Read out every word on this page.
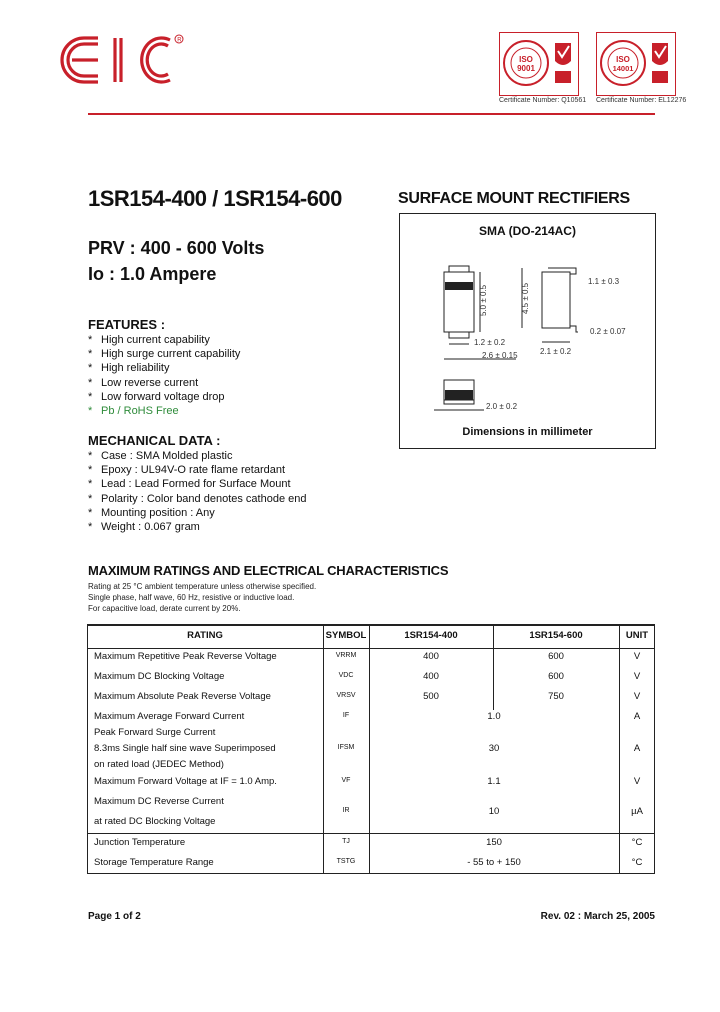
R
ISO
9001
Certificate Number: Q10561
ISO
14001
Certificate Number: EL12276
1SR154-400 / 1SR154-600
PRV : 400 - 600 Volts
Io : 1.0 Ampere
SURFACE MOUNT RECTIFIERS
SMA (DO-214AC)
5.0 ± 0.5	4.5 ± 0.5
1.2 ± 0.2
2.6 ± 0.15	2.1 ± 0.2
1.1 ± 0.3
0.2 ± 0.07
2.0 ± 0.2
Dimensions in millimeter
FEATURES :
* High current capability
* High surge current capability
* High reliability
* Low reverse current
* Low forward voltage drop
* Pb / RoHS Free
MECHANICAL DATA :
* Case : SMA Molded plastic
* Epoxy : UL94V-O rate flame retardant
* Lead : Lead Formed for Surface Mount
* Polarity : Color band denotes cathode end
* Mounting position : Any
* Weight : 0.067 gram
MAXIMUM RATINGS AND ELECTRICAL CHARACTERISTICS
Rating at 25 °C ambient temperature unless otherwise specified.
Single phase, half wave, 60 Hz, resistive or inductive load.
For capacitive load, derate current by 20%.
RATING	SYMBOL	1SR154-400	1SR154-600	UNIT
Maximum Repetitive Peak Reverse Voltage	VRRM	400	600	V
Maximum DC Blocking Voltage	VDC	400	600	V
Maximum Absolute Peak Reverse Voltage	VRSV	500	750	V
Maximum Average Forward Current	IF	1.0	A
Peak Forward Surge Current
8.3ms Single half sine wave Superimposed
on rated load (JEDEC Method)
IFSM	30	A
Maximum Forward Voltage at IF = 1.0 Amp.	VF	1.1	V
Maximum DC Reverse Current
at rated DC Blocking Voltage
IR	10	µA
Junction Temperature	TJ	150	°C
Storage Temperature Range	TSTG	- 55 to + 150	°C
Page 1 of 2	Rev. 02 : March 25, 2005
